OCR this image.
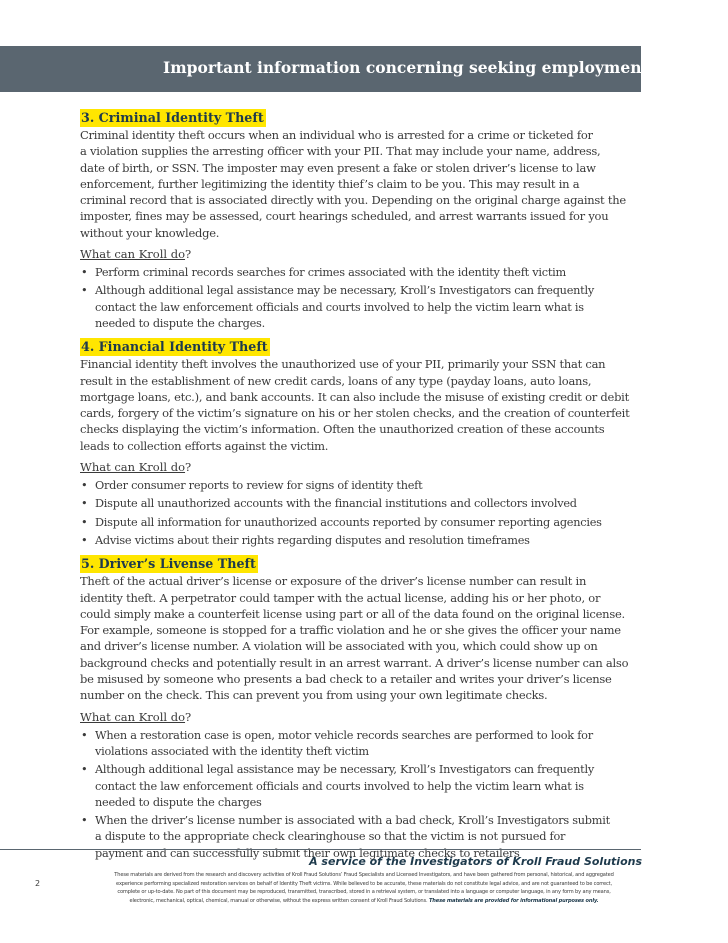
Important information concerning seeking employment
3. Criminal Identity Theft
Criminal identity theft occurs when an individual who is arrested for a crime or ticketed for
a violation supplies the arresting officer with your PII. That may include your name, address,
date of birth, or SSN. The imposter may even present a fake or stolen driver’s license to law
enforcement, further legitimizing the identity thief’s claim to be you. This may result in a
criminal record that is associated directly with you. Depending on the original charge against the
imposter, fines may be assessed, court hearings scheduled, and arrest warrants issued for you
without your knowledge.
What can Kroll do?
• Perform criminal records searches for crimes associated with the identity theft victim
• Although additional legal assistance may be necessary, Kroll’s Investigators can frequently
contact the law enforcement officials and courts involved to help the victim learn what is
needed to dispute the charges.
4. Financial Identity Theft
Financial identity theft involves the unauthorized use of your PII, primarily your SSN that can
result in the establishment of new credit cards, loans of any type (payday loans, auto loans,
mortgage loans, etc.), and bank accounts. It can also include the misuse of existing credit or debit
cards, forgery of the victim’s signature on his or her stolen checks, and the creation of counterfeit
checks displaying the victim’s information. Often the unauthorized creation of these accounts
leads to collection efforts against the victim.
What can Kroll do?
• Order consumer reports to review for signs of identity theft
• Dispute all unauthorized accounts with the financial institutions and collectors involved
• Dispute all information for unauthorized accounts reported by consumer reporting agencies
• Advise victims about their rights regarding disputes and resolution timeframes
5. Driver’s Livense Theft
Theft of the actual driver’s license or exposure of the driver’s license number can result in
identity theft. A perpetrator could tamper with the actual license, adding his or her photo, or
could simply make a counterfeit license using part or all of the data found on the original license.
For example, someone is stopped for a traffic violation and he or she gives the officer your name
and driver’s license number. A violation will be associated with you, which could show up on
background checks and potentially result in an arrest warrant. A driver’s license number can also
be misused by someone who presents a bad check to a retailer and writes your driver’s license
number on the check. This can prevent you from using your own legitimate checks.
What can Kroll do?
• When a restoration case is open, motor vehicle records searches are performed to look for
violations associated with the identity theft victim
• Although additional legal assistance may be necessary, Kroll’s Investigators can frequently
contact the law enforcement officials and courts involved to help the victim learn what is
needed to dispute the charges
• When the driver’s license number is associated with a bad check, Kroll’s Investigators submit
a dispute to the appropriate check clearinghouse so that the victim is not pursued for
payment and can successfully submit their own legitimate checks to retailers
A service of the Investigators of Kroll Fraud Solutions
2
These materials are derived from the research and discovery activities of Kroll Fraud Solutions’ Fraud Specialists and Licensed Investigators, and have been gathered from personal, historical, and aggregated
experience performing specialized restoration services on behalf of Identity Theft victims. While believed to be accurate, these materials do not constitute legal advice, and are not guaranteed to be correct,
complete or up-to-date. No part of this document may be reproduced, transmitted, transcribed, stored in a retrieval system, or translated into a language or computer language, in any form by any means,
electronic, mechanical, optical, chemical, manual or otherwise, without the express written consent of Kroll Fraud Solutions. These materials are provided for informational purposes only.
